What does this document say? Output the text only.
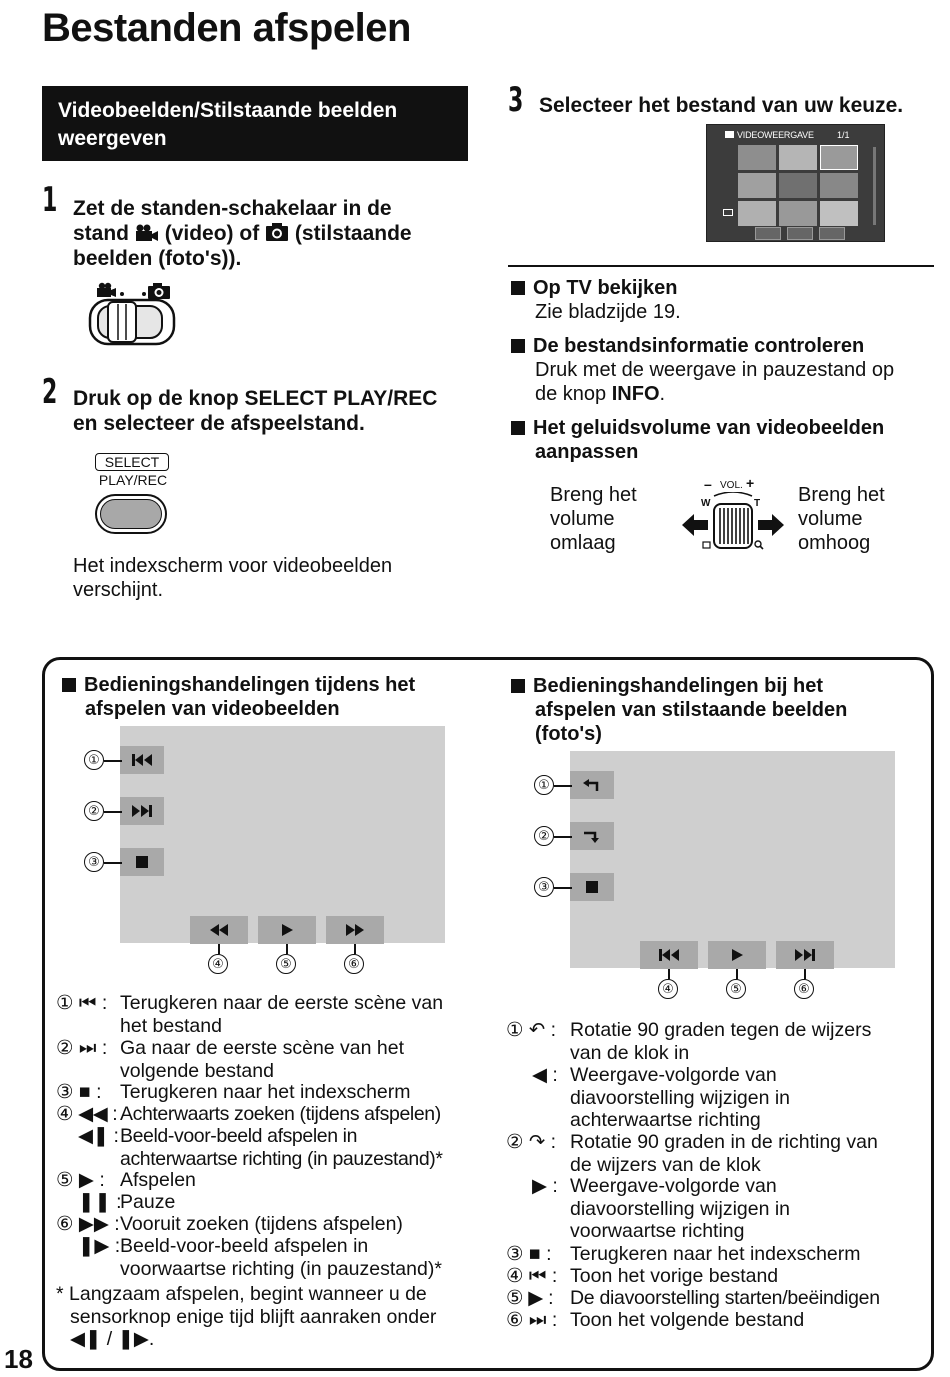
Bestanden afspelen
Videobeelden/Stilstaande beelden
weergeven
1 Zet de standen-schakelaar in de
stand (video) of (stilstaande
beelden (foto's)).
2 Druk op de knop SELECT PLAY/REC
en selecteer de afspeelstand.
SELECT
PLAY/REC
Het indexscherm voor videobeelden
verschijnt.
3 Selecteer het bestand van uw keuze.
VIDEOWEERGAVE	1/1
Op TV bekijken
Zie bladzijde 19.
De bestandsinformatie controleren
Druk met de weergave in pauzestand op
de knop INFO.
Het geluidsvolume van videobeelden
aanpassen
Breng het
volume
omlaag
Breng het
volume
omhoog
– VOL. +
W	T
Bedieningshandelingen tijdens het
afspelen van videobeelden
①
②
③
④	⑤	⑥
① ⏮ : Terugkeren naar de eerste scène van
het bestand
② ⏭ : Ga naar de eerste scène van het
volgende bestand
③ ■ : Terugkeren naar het indexscherm
④ ◀◀ : Achterwaarts zoeken (tijdens afspelen)
◀❚ : Beeld-voor-beeld afspelen in
achterwaartse richting (in pauzestand)*
⑤ ▶ : Afspelen
❚❚ :
Pauze
⑥ ▶▶ : Vooruit zoeken (tijdens afspelen)
❚▶ : Beeld-voor-beeld afspelen in
voorwaartse richting (in pauzestand)*
* Langzaam afspelen, begint wanneer u de
sensorknop enige tijd blijft aanraken onder
◀❚ / ❚▶.
Bedieningshandelingen bij het
afspelen van stilstaande beelden
(foto's)
①
②
③
④	⑤	⑥
① ↶ : Rotatie 90 graden tegen de wijzers
van de klok in
◀ : Weergave-volgorde van
diavoorstelling wijzigen in
achterwaartse richting
② ↷ : Rotatie 90 graden in de richting van
de wijzers van de klok
▶ : Weergave-volgorde van
diavoorstelling wijzigen in
voorwaartse richting
③ ■ : Terugkeren naar het indexscherm
④ ⏮ : Toon het vorige bestand
⑤ ▶ : De diavoorstelling starten/beëindigen
⑥ ⏭ : Toon het volgende bestand
18
